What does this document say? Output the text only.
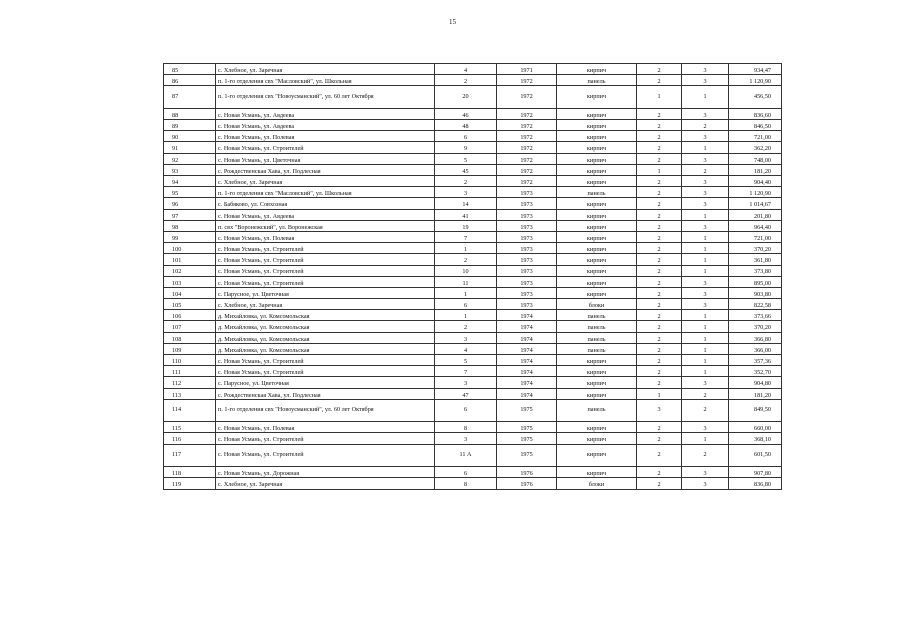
15
85	с. Хлебное, ул. Заречная	4	1971	кирпич	2	3	934,47
86	п. 1-го отделения свх "Масловский", ул. Школьная	2	1972	панель	2	3	1 120,90
87	п. 1-го отделения свх "Новоусманский", ул. 60 лет Октября	20	1972	кирпич	1	1	456,50
88	с. Новая Усмань, ул. Авдеева	46	1972	кирпич	2	3	836,60
89	с. Новая Усмань, ул. Авдеева	48	1972	кирпич	2	2	846,50
90	с. Новая Усмань, ул. Полевая	6	1972	кирпич	2	3	721,00
91	с. Новая Усмань, ул. Строителей	9	1972	кирпич	2	1	362,20
92	с. Новая Усмань, ул. Цветочная	5	1972	кирпич	2	3	748,00
93	с. Рождественская Хава, ул. Подлесная	45	1972	кирпич	1	2	181,20
94	с. Хлебное, ул. Заречная	2	1972	кирпич	2	3	904,40
95	п. 1-го отделения свх "Масловский", ул. Школьная	3	1973	панель	2	3	1 120,90
96	с. Бабяково, ул. Совхозная	14	1973	кирпич	2	3	1 014,67
97	с. Новая Усмань, ул. Авдеева	41	1973	кирпич	2	1	201,80
98	п. свх "Воронежский", ул. Воронежская	19	1973	кирпич	2	3	964,40
99	с. Новая Усмань, ул. Полевая	7	1973	кирпич	2	1	721,00
100	с. Новая Усмань, ул. Строителей	1	1973	кирпич	2	1	370,20
101	с. Новая Усмань, ул. Строителей	2	1973	кирпич	2	1	361,80
102	с. Новая Усмань, ул. Строителей	10	1973	кирпич	2	1	373,80
103	с. Новая Усмань, ул. Строителей	11	1973	кирпич	2	3	895,00
104	с. Парусное, ул. Цветочная	1	1973	кирпич	2	3	903,80
105	с. Хлебное, ул. Заречная	6	1973	блоки	2	3	822,58
106	д. Михайловка, ул. Комсомольская	1	1974	панель	2	1	373,66
107	д. Михайловка, ул. Комсомольская	2	1974	панель	2	1	370,20
108	д. Михайловка, ул. Комсомольская	3	1974	панель	2	1	366,80
109	д. Михайловка, ул. Комсомольская	4	1974	панель	2	1	366,00
110	с. Новая Усмань, ул. Строителей	5	1974	кирпич	2	1	357,36
111	с. Новая Усмань, ул. Строителей	7	1974	кирпич	2	1	352,70
112	с. Парусное, ул. Цветочная	3	1974	кирпич	2	3	904,80
113	с. Рождественская Хава, ул. Подлесная	47	1974	кирпич	1	2	181,20
114	п. 1-го отделения свх "Новоусманский", ул. 60 лет Октября	6	1975	панель	3	2	849,50
115	с. Новая Усмань, ул. Полевая	8	1975	кирпич	2	3	660,00
116	с. Новая Усмань, ул. Строителей	3	1975	кирпич	2	1	368,10
117	с. Новая Усмань, ул. Строителей	11 А	1975	кирпич	2	2	601,50
118	с. Новая Усмань, ул. Дорожная	6	1976	кирпич	2	3	907,80
119	с. Хлебное, ул. Заречная	8	1976	блоки	2	3	836,80
